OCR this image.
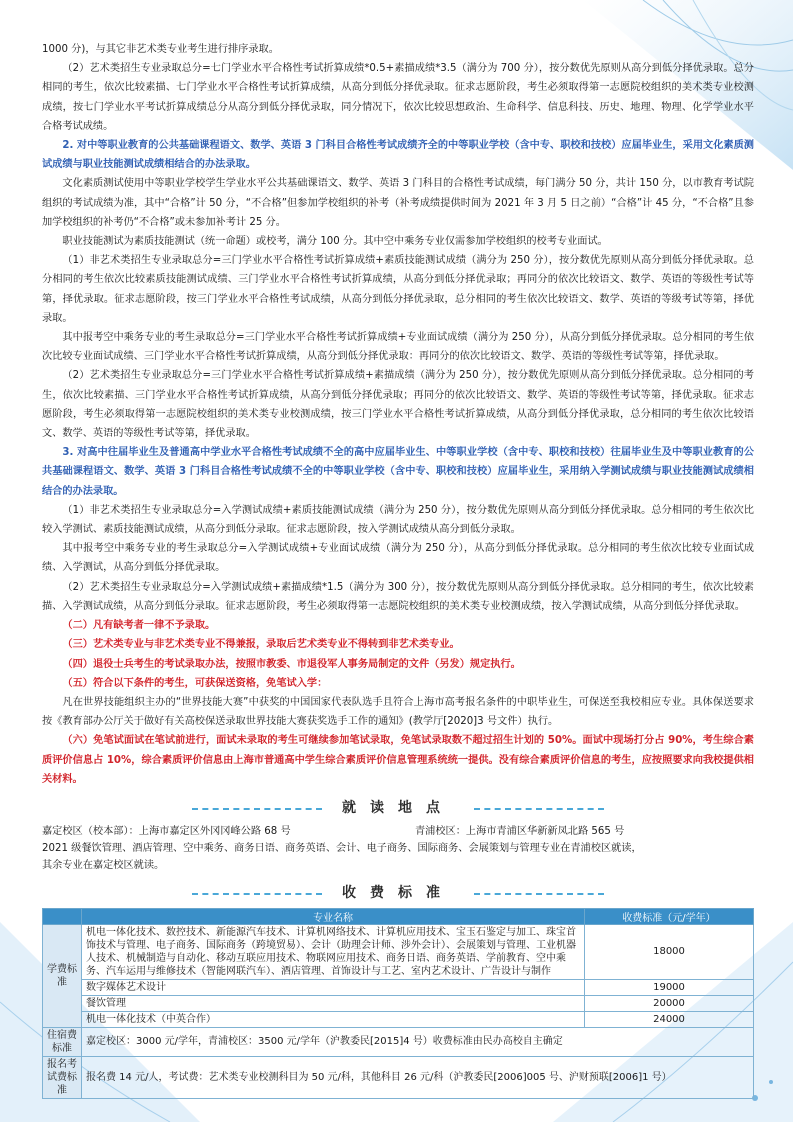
1000 分)，与其它非艺术类专业考生进行排序录取。

（2）艺术类招生专业录取总分=七门学业水平合格性考试折算成绩*0.5+素描成绩*3.5（满分为 700 分），按分数优先原则从高分到低分择优录取。总分相同的考生，依次比较素描、七门学业水平合格性考试折算成绩，从高分到低分择优录取。征求志愿阶段，考生必须取得第一志愿院校组织的美术类专业校测成绩，按七门学业水平考试折算成绩总分从高分到低分择优录取，同分情况下，依次比较思想政治、生命科学、信息科技、历史、地理、物理、化学学业水平合格考试成绩。

2. 对中等职业教育的公共基础课程语文、数学、英语 3 门科目合格性考试成绩齐全的中等职业学校（含中专、职校和技校）应届毕业生，采用文化素质测试成绩与职业技能测试成绩相结合的办法录取。

文化素质测试使用中等职业学校学生学业水平公共基础课语文、数学、英语 3 门科目的合格性考试成绩，每门满分 50 分，共计 150 分，以市教育考试院组织的考试成绩为准，其中“合格”计 50 分，“不合格”但参加学校组织的补考（补考成绩提供时间为 2021 年 3 月 5 日之前）“合格”计 45 分，“不合格”且参加学校组织的补考仍“不合格”或未参加补考计 25 分。

职业技能测试为素质技能测试（统一命题）或校考，满分 100 分。其中空中乘务专业仅需参加学校组织的校考专业面试。

（1）非艺术类招生专业录取总分=三门学业水平合格性考试折算成绩+素质技能测试成绩（满分为 250 分），按分数优先原则从高分到低分择优录取。总分相同的考生依次比较素质技能测试成绩、三门学业水平合格性考试折算成绩，从高分到低分择优录取；再同分的依次比较语文、数学、英语的等级性考试等第，择优录取。征求志愿阶段，按三门学业水平合格性考试成绩，从高分到低分择优录取，总分相同的考生依次比较语文、数学、英语的等级考试等第，择优录取。

其中报考空中乘务专业的考生录取总分=三门学业水平合格性考试折算成绩+专业面试成绩（满分为 250 分），从高分到低分择优录取。总分相同的考生依次比较专业面试成绩、三门学业水平合格性考试折算成绩，从高分到低分择优录取：再同分的依次比较语文、数学、英语的等级性考试等第，择优录取。

（2）艺术类招生专业录取总分=三门学业水平合格性考试折算成绩+素描成绩（满分为 250 分），按分数优先原则从高分到低分择优录取。总分相同的考生，依次比较素描、三门学业水平合格性考试折算成绩，从高分到低分择优录取；再同分的依次比较语文、数学、英语的等级性考试等第，择优录取。征求志愿阶段，考生必须取得第一志愿院校组织的美术类专业校测成绩，按三门学业水平合格性考试折算成绩，从高分到低分择优录取，总分相同的考生依次比较语文、数学、英语的等级性考试等第，择优录取。

3. 对高中往届毕业生及普通高中学业水平合格性考试成绩不全的高中应届毕业生、中等职业学校（含中专、职校和技校）往届毕业生及中等职业教育的公共基础课程语文、数学、英语 3 门科目合格性考试成绩不全的中等职业学校（含中专、职校和技校）应届毕业生，采用纳入学测试成绩与职业技能测试成绩相结合的办法录取。

（1）非艺术类招生专业录取总分=入学测试成绩+素质技能测试成绩（满分为 250 分），按分数优先原则从高分到低分择优录取。总分相同的考生依次比较入学测试、素质技能测试成绩，从高分到低分录取。征求志愿阶段，按入学测试成绩从高分到低分录取。

其中报考空中乘务专业的考生录取总分=入学测试成绩+专业面试成绩（满分为 250 分），从高分到低分择优录取。总分相同的考生依次比较专业面试成绩、入学测试，从高分到低分择优录取。

（2）艺术类招生专业录取总分=入学测试成绩+素描成绩*1.5（满分为 300 分），按分数优先原则从高分到低分择优录取。总分相同的考生，依次比较素描、入学测试成绩，从高分到低分录取。征求志愿阶段，考生必须取得第一志愿院校组织的美术类专业校测成绩，按入学测试成绩，从高分到低分择优录取。

（二）凡有缺考者一律不予录取。

（三）艺术类专业与非艺术类专业不得兼报，录取后艺术类专业不得转到非艺术类专业。

（四）退役士兵考生的考试录取办法，按照市教委、市退役军人事务局制定的文件（另发）规定执行。

（五）符合以下条件的考生，可获保送资格，免笔试入学：

凡在世界技能组织主办的“世界技能大赛”中获奖的中国国家代表队选手且符合上海市高考报名条件的中职毕业生，可保送至我校相应专业。具体保送要求按《教育部办公厅关于做好有关高校保送录取世界技能大赛获奖选手工作的通知》(教学厅[2020]3 号文件）执行。

（六）免笔试面试在笔试前进行，面试未录取的考生可继续参加笔试录取，免笔试录取数不超过招生计划的 50%。面试中现场打分占 90%，考生综合素质评价信息占 10%，综合素质评价信息由上海市普通高中学生综合素质评价信息管理系统统一提供。没有综合素质评价信息的考生，应按照要求向我校提供相关材料。

就读地点
嘉定校区（校本部）：上海市嘉定区外冈冈峰公路 68 号	青浦校区：上海市青浦区华新新凤北路 565 号

2021 级餐饮管理、酒店管理、空中乘务、商务日语、商务英语、会计、电子商务、国际商务、会展策划与管理专业在青浦校区就读，

其余专业在嘉定校区就读。

收费标准
	专业名称	收费标准（元/学年）
学费标准	机电一体化技术、数控技术、新能源汽车技术、计算机网络技术、计算机应用技术、宝玉石鉴定与加工、珠宝首饰技术与管理、电子商务、国际商务（跨境贸易）、会计（助理会计师、涉外会计）、会展策划与管理、工业机器人技术、机械制造与自动化、移动互联应用技术、物联网应用技术、商务日语、商务英语、学前教育、空中乘务、汽车运用与维修技术（智能网联汽车）、酒店管理、首饰设计与工艺、室内艺术设计、广告设计与制作	18000
	数字媒体艺术设计	19000
	餐饮管理	20000
	机电一体化技术（中英合作）	24000
住宿费标准	嘉定校区：3000 元/学年，青浦校区：3500 元/学年（沪教委民[2015]4 号）收费标准由民办高校自主确定	
报名考试费标准	报名费 14 元/人，考试费：艺术类专业校测科目为 50 元/科，其他科目 26 元/科（沪教委民[2006]005 号、沪财预联[2006]1 号）	
